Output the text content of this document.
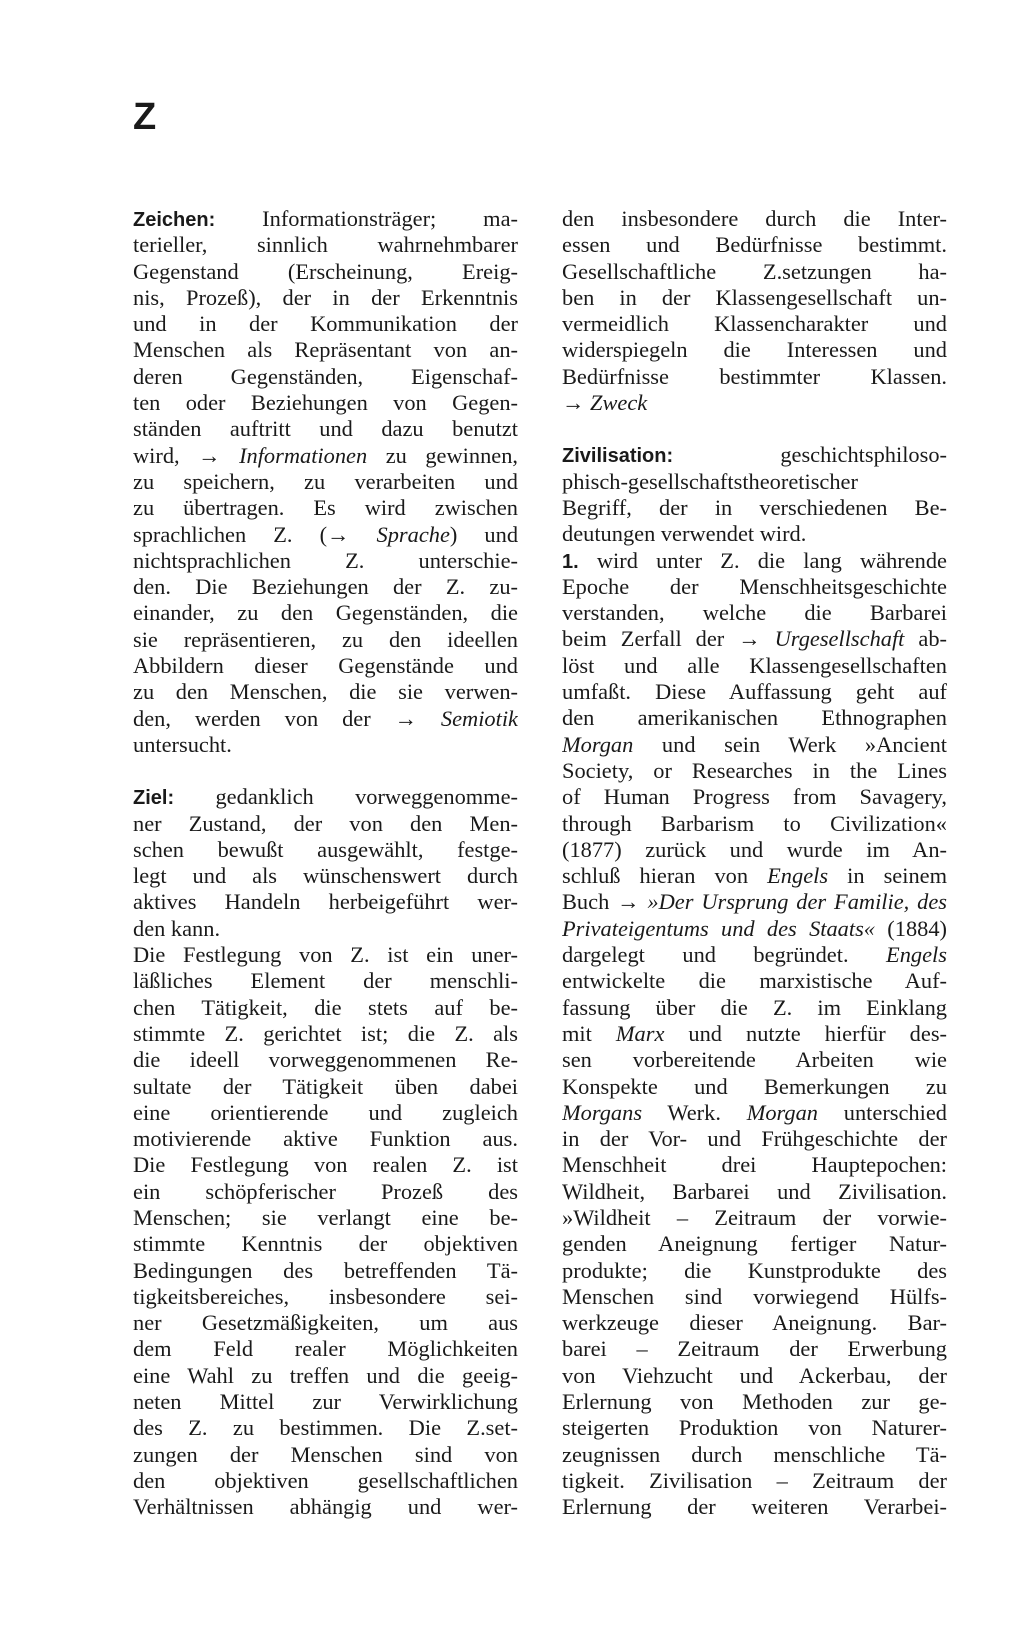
Z
Zeichen: Informationsträger; ma-
terieller, sinnlich wahrnehmbarer
Gegenstand (Erscheinung, Ereig-
nis, Prozeß), der in der Erkenntnis
und in der Kommunikation der
Menschen als Repräsentant von an-
deren Gegenständen, Eigenschaf-
ten oder Beziehungen von Gegen-
ständen auftritt und dazu benutzt
wird, → Informationen zu gewinnen,
zu speichern, zu verarbeiten und
zu übertragen. Es wird zwischen
sprachlichen Z. (→ Sprache) und
nichtsprachlichen Z. unterschie-
den. Die Beziehungen der Z. zu-
einander, zu den Gegenständen, die
sie repräsentieren, zu den ideellen
Abbildern dieser Gegenstände und
zu den Menschen, die sie verwen-
den, werden von der → Semiotik
untersucht.
Ziel: gedanklich vorweggenomme-
ner Zustand, der von den Men-
schen bewußt ausgewählt, festge-
legt und als wünschenswert durch
aktives Handeln herbeigeführt wer-
den kann.
Die Festlegung von Z. ist ein uner-
läßliches Element der menschli-
chen Tätigkeit, die stets auf be-
stimmte Z. gerichtet ist; die Z. als
die ideell vorweggenommenen Re-
sultate der Tätigkeit üben dabei
eine orientierende und zugleich
motivierende aktive Funktion aus.
Die Festlegung von realen Z. ist
ein schöpferischer Prozeß des
Menschen; sie verlangt eine be-
stimmte Kenntnis der objektiven
Bedingungen des betreffenden Tä-
tigkeitsbereiches, insbesondere sei-
ner Gesetzmäßigkeiten, um aus
dem Feld realer Möglichkeiten
eine Wahl zu treffen und die geeig-
neten Mittel zur Verwirklichung
des Z. zu bestimmen. Die Z.set-
zungen der Menschen sind von
den objektiven gesellschaftlichen
Verhältnissen abhängig und wer-
den insbesondere durch die Inter-
essen und Bedürfnisse bestimmt.
Gesellschaftliche Z.setzungen ha-
ben in der Klassengesellschaft un-
vermeidlich Klassencharakter und
widerspiegeln die Interessen und
Bedürfnisse bestimmter Klassen.
→ Zweck
Zivilisation: geschichtsphiloso-
phisch-gesellschaftstheoretischer
Begriff, der in verschiedenen Be-
deutungen verwendet wird.
1. wird unter Z. die lang währende
Epoche der Menschheitsgeschichte
verstanden, welche die Barbarei
beim Zerfall der → Urgesellschaft ab-
löst und alle Klassengesellschaften
umfaßt. Diese Auffassung geht auf
den amerikanischen Ethnographen
Morgan und sein Werk »Ancient
Society, or Researches in the Lines
of Human Progress from Savagery,
through Barbarism to Civilization«
(1877) zurück und wurde im An-
schluß hieran von Engels in seinem
Buch → »Der Ursprung der Familie, des
Privateigentums und des Staats« (1884)
dargelegt und begründet. Engels
entwickelte die marxistische Auf-
fassung über die Z. im Einklang
mit Marx und nutzte hierfür des-
sen vorbereitende Arbeiten wie
Konspekte und Bemerkungen zu
Morgans Werk. Morgan unterschied
in der Vor- und Frühgeschichte der
Menschheit drei Hauptepochen:
Wildheit, Barbarei und Zivilisation.
»Wildheit – Zeitraum der vorwie-
genden Aneignung fertiger Natur-
produkte; die Kunstprodukte des
Menschen sind vorwiegend Hülfs-
werkzeuge dieser Aneignung. Bar-
barei – Zeitraum der Erwerbung
von Viehzucht und Ackerbau, der
Erlernung von Methoden zur ge-
steigerten Produktion von Naturer-
zeugnissen durch menschliche Tä-
tigkeit. Zivilisation – Zeitraum der
Erlernung der weiteren Verarbei-
